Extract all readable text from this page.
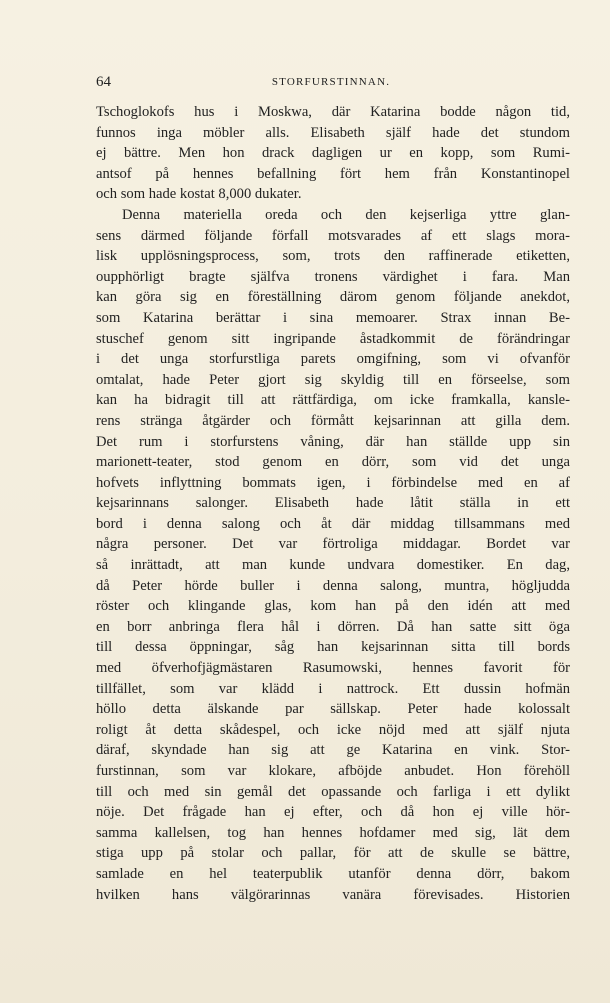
64	STORFURSTINNAN.
Tschoglokofs hus i Moskwa, där Katarina bodde någon tid,
funnos inga möbler alls. Elisabeth själf hade det stundom
ej bättre. Men hon drack dagligen ur en kopp, som Rumi-
antsof på hennes befallning fört hem från Konstantinopel
och som hade kostat 8,000 dukater.
Denna materiella oreda och den kejserliga yttre glan-
sens därmed följande förfall motsvarades af ett slags mora-
lisk upplösningsprocess, som, trots den raffinerade etiketten,
oupphörligt bragte själfva tronens värdighet i fara. Man
kan göra sig en föreställning därom genom följande anekdot,
som Katarina berättar i sina memoarer. Strax innan Be-
stuschef genom sitt ingripande åstadkommit de förändringar
i det unga storfurstliga parets omgifning, som vi ofvanför
omtalat, hade Peter gjort sig skyldig till en förseelse, som
kan ha bidragit till att rättfärdiga, om icke framkalla, kansle-
rens stränga åtgärder och förmått kejsarinnan att gilla dem.
Det rum i storfurstens våning, där han ställde upp sin
marionett-teater, stod genom en dörr, som vid det unga
hofvets inflyttning bommats igen, i förbindelse med en af
kejsarinnans salonger. Elisabeth hade låtit ställa in ett
bord i denna salong och åt där middag tillsammans med
några personer. Det var förtroliga middagar. Bordet var
så inrättadt, att man kunde undvara domestiker. En dag,
då Peter hörde buller i denna salong, muntra, högljudda
röster och klingande glas, kom han på den idén att med
en borr anbringa flera hål i dörren. Då han satte sitt öga
till dessa öppningar, såg han kejsarinnan sitta till bords
med öfverhofjägmästaren Rasumowski, hennes favorit för
tillfället, som var klädd i nattrock. Ett dussin hofmän
höllo detta älskande par sällskap. Peter hade kolossalt
roligt åt detta skådespel, och icke nöjd med att själf njuta
däraf, skyndade han sig att ge Katarina en vink. Stor-
furstinnan, som var klokare, afböjde anbudet. Hon förehöll
till och med sin gemål det opassande och farliga i ett dylikt
nöje. Det frågade han ej efter, och då hon ej ville hör-
samma kallelsen, tog han hennes hofdamer med sig, lät dem
stiga upp på stolar och pallar, för att de skulle se bättre,
samlade en hel teaterpublik utanför denna dörr, bakom
hvilken hans välgörarinnas vanära förevisades. Historien
